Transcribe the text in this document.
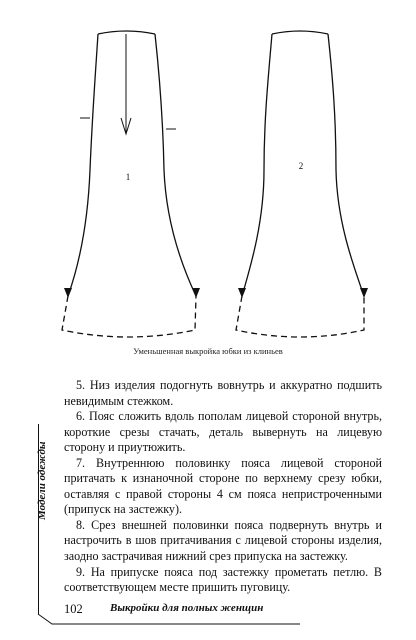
1
2
Уменьшенная выкройка юбки из клиньев

5. Низ изделия подогнуть вовнутрь и аккуратно подшить невидимым стежком.

6. Пояс сложить вдоль пополам лицевой стороной внутрь, короткие срезы стачать, деталь вывернуть на лицевую сторону и приутюжить.

7. Внутреннюю половинку пояса лицевой стороной притачать к изнаночной стороне по верхнему срезу юбки, оставляя с правой стороны 4 см пояса непристроченными (припуск на застежку).

8. Срез внешней половинки пояса подвернуть внутрь и настрочить в шов притачивания с лицевой стороны изделия, заодно застрачивая нижний срез припуска на застежку.

9. На припуске пояса под застежку прометать петлю. В соответствующем месте пришить пуговицу.

Модели одежды
102 Выкройки для полных женщин
